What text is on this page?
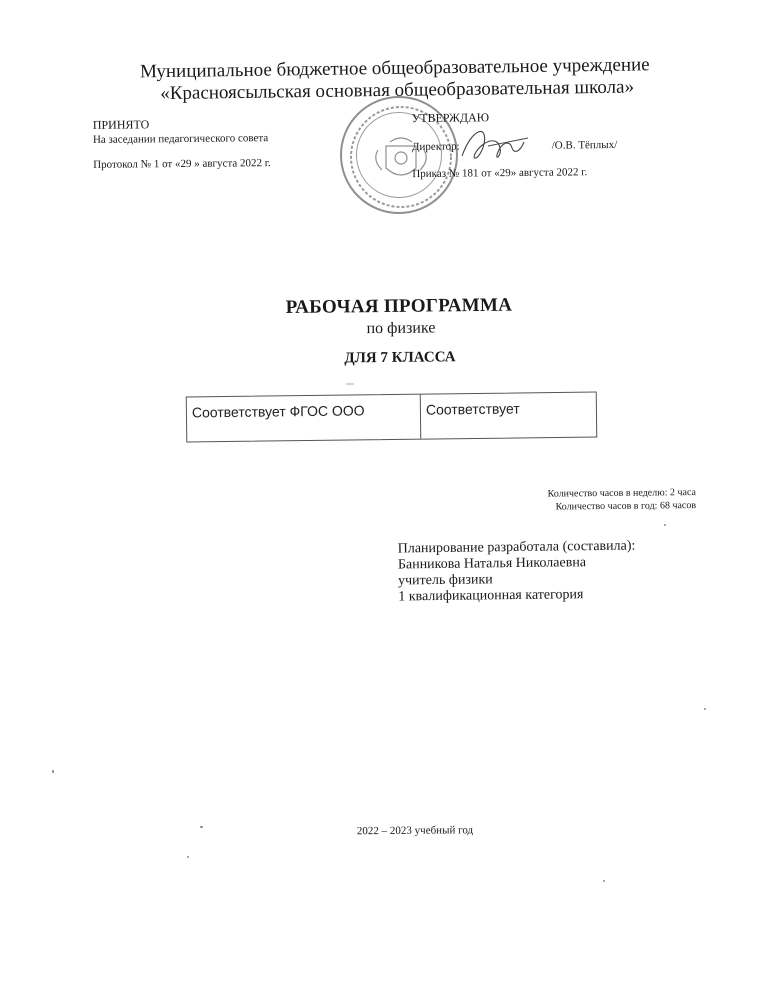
Муниципальное бюджетное общеобразовательное учреждение
«Красноясыльская основная общеобразовательная школа»
ПРИНЯТО
На заседании педагогического совета
Протокол № 1 от «29 » августа 2022 г.
УТВЕРЖДАЮ
Директор:	/О.В. Тёплых/
Приказ № 181 от «29» августа 2022 г.
РАБОЧАЯ ПРОГРАММА
по физике
ДЛЯ 7 КЛАССА
Соответствует ФГОС ООО	Соответствует
Количество часов в неделю: 2 часа
Количество часов в год: 68 часов
Планирование разработала (составила):
Банникова Наталья Николаевна
учитель физики
1 квалификационная категория
2022 – 2023 учебный год
